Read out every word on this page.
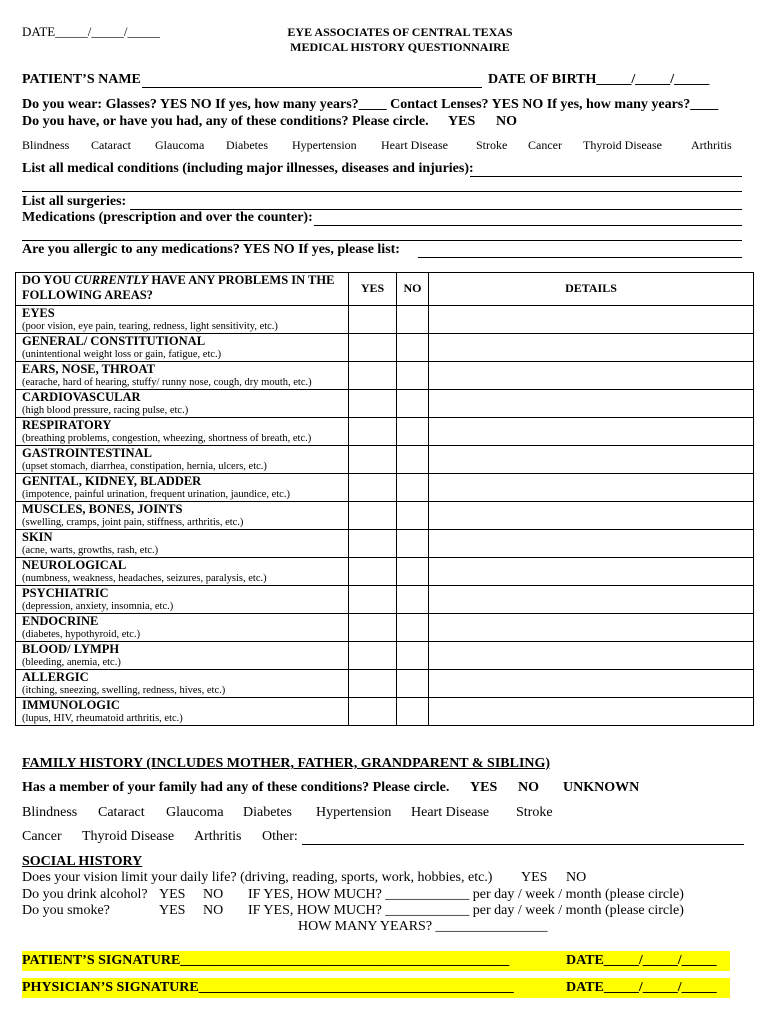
DATE_____/_____/_____	EYE ASSOCIATES OF CENTRAL TEXAS
MEDICAL HISTORY QUESTIONNAIRE
PATIENT’S NAME	DATE OF BIRTH_____/_____/_____
Do you wear: Glasses? YES NO If yes, how many years?____ Contact Lenses? YES NO If yes, how many years?____
Do you have, or have you had, any of these conditions? Please circle. YES NO
Blindness Cataract Glaucoma Diabetes Hypertension Heart Disease Stroke Cancer Thyroid Disease Arthritis
List all medical conditions (including major illnesses, diseases and injuries):
List all surgeries:
Medications (prescription and over the counter):
Are you allergic to any medications? YES NO If yes, please list:
DO YOU CURRENTLY HAVE ANY PROBLEMS IN THE
FOLLOWING AREAS?	YES	NO	DETAILS

EYES
(poor vision, eye pain, tearing, redness, light sensitivity, etc.)			

GENERAL/ CONSTITUTIONAL
(unintentional weight loss or gain, fatigue, etc.)			

EARS, NOSE, THROAT
(earache, hard of hearing, stuffy/ runny nose, cough, dry mouth, etc.)			

CARDIOVASCULAR
(high blood pressure, racing pulse, etc.)			

RESPIRATORY
(breathing problems, congestion, wheezing, shortness of breath, etc.)			

GASTROINTESTINAL
(upset stomach, diarrhea, constipation, hernia, ulcers, etc.)			

GENITAL, KIDNEY, BLADDER
(impotence, painful urination, frequent urination, jaundice, etc.)			

MUSCLES, BONES, JOINTS
(swelling, cramps, joint pain, stiffness, arthritis, etc.)			

SKIN
(acne, warts, growths, rash, etc.)			

NEUROLOGICAL
(numbness, weakness, headaches, seizures, paralysis, etc.)			

PSYCHIATRIC
(depression, anxiety, insomnia, etc.)			

ENDOCRINE
(diabetes, hypothyroid, etc.)			

BLOOD/ LYMPH
(bleeding, anemia, etc.)			

ALLERGIC
(itching, sneezing, swelling, redness, hives, etc.)			

IMMUNOLOGIC
(lupus, HIV, rheumatoid arthritis, etc.)			

FAMILY HISTORY (INCLUDES MOTHER, FATHER, GRANDPARENT & SIBLING)
Has a member of your family had any of these conditions? Please circle. YES NO UNKNOWN
Blindness Cataract Glaucoma Diabetes Hypertension Heart Disease Stroke
Cancer Thyroid Disease Arthritis Other:
SOCIAL HISTORY
Does your vision limit your daily life? (driving, reading, sports, work, hobbies, etc.) YES NO
Do you drink alcohol? YES NO IF YES, HOW MUCH? ____________ per day / week / month (please circle)
Do you smoke?	YES NO IF YES, HOW MUCH? ____________ per day / week / month (please circle)
HOW MANY YEARS? ________________
PATIENT’S SIGNATURE_______________________________________________	DATE_____/_____/_____
PHYSICIAN’S SIGNATURE_____________________________________________	DATE_____/_____/_____
